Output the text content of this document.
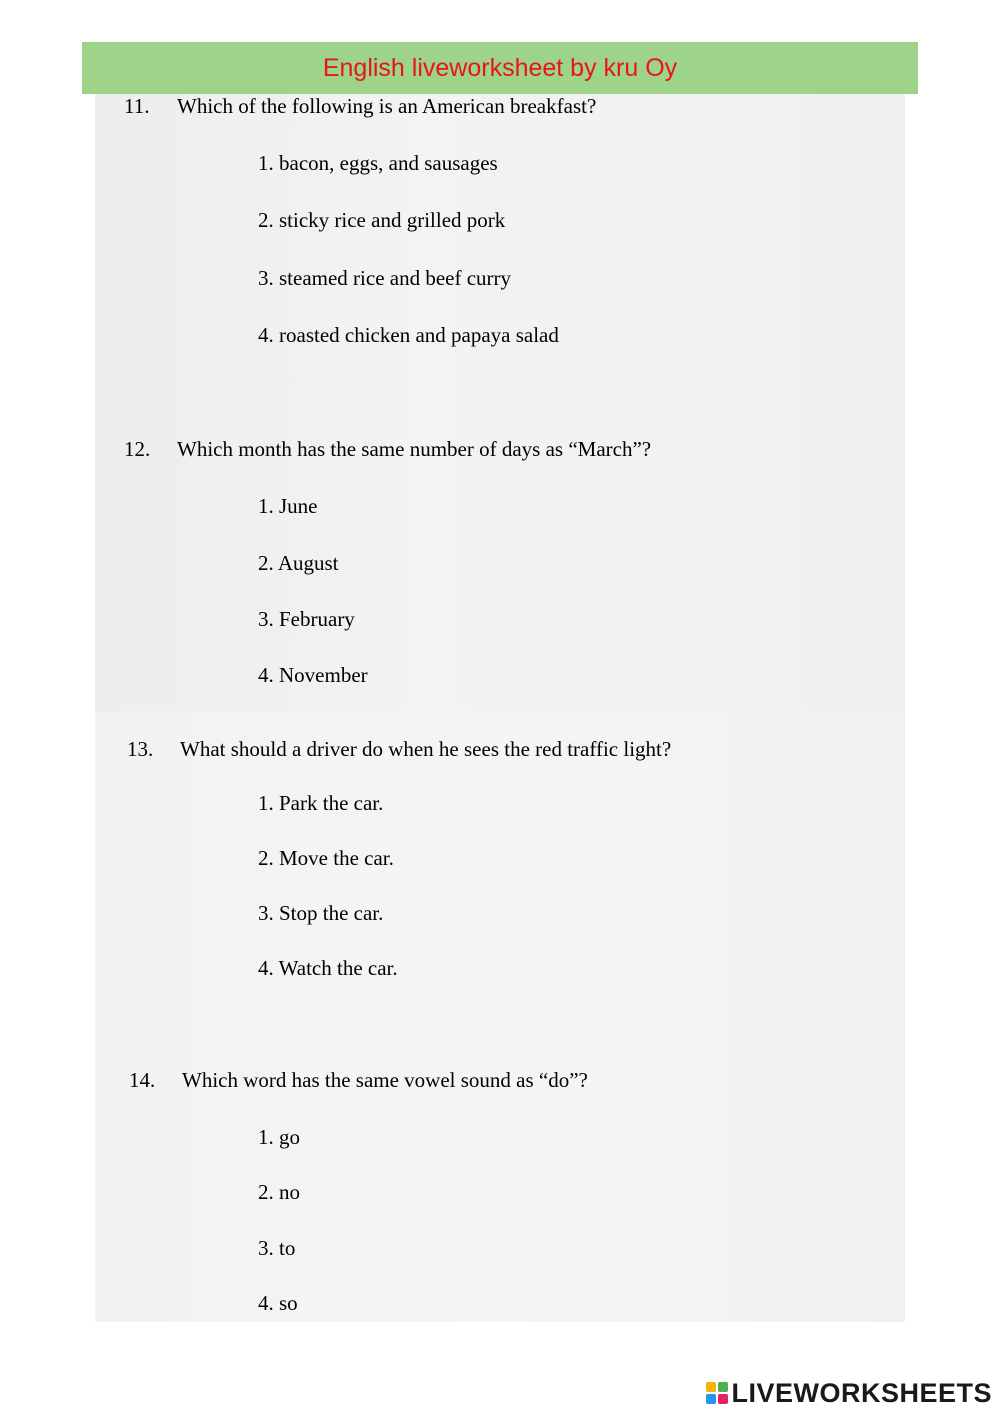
English liveworksheet by kru Oy
11. Which of the following is an American breakfast?
1. bacon, eggs, and sausages
2. sticky rice and grilled pork
3. steamed rice and beef curry
4. roasted chicken and papaya salad
12. Which month has the same number of days as “March”?
1. June
2. August
3. February
4. November
13. What should a driver do when he sees the red traffic light?
1. Park the car.
2. Move the car.
3. Stop the car.
4. Watch the car.
14. Which word has the same vowel sound as “do”?
1. go
2. no
3. to
4. so
LIVEWORKSHEETS
